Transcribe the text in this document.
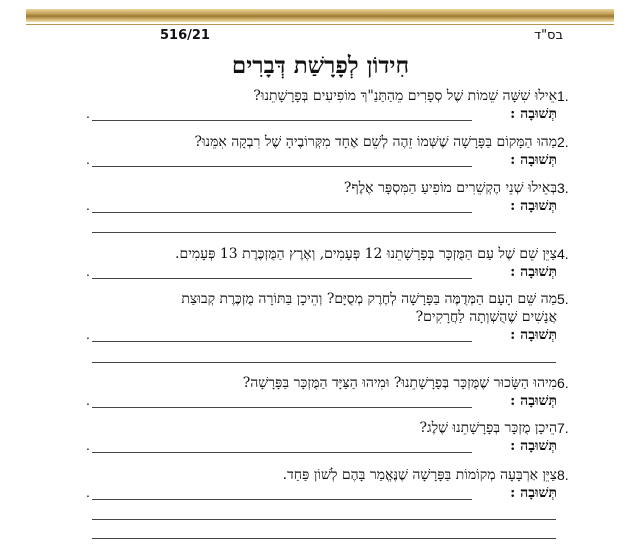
בס"ד
516/21
חִידוֹן לְפָרָשַׁת דְּבָרִים
1.
אֵילוּ שִׁשָּׁה שֵׁמוֹת שֶׁל סְפָרִים מֵהַתַּנַ"ךְ מוֹפִיעִים בְּפָרָשָׁתֵנוּ?
תְּשׁוּבָה :
.
2.
מַהוּ הַמָּקוֹם בַּפָּרָשָׁה שֶׁשְּׁמוֹ זֵהֶה לְשֵׁם אֶחָד מִקְּרוֹבֶיהָ שֶׁל רִבְקָה אִמֵּנוּ?
תְּשׁוּבָה :
.
3.
בְּאֵילוּ שְׁנֵי הֶקְשֵׁרִים מוֹפִיעַ הַמִּסְפָּר אֶלֶף?
תְּשׁוּבָה :
.
4.
צַיֵּן שֵׁם שֶׁל עַם הַמֻּזְכָּר בְּפָרָשָׁתֵנוּ 12 פְּעָמִים, וְאֶרֶץ הַמֻּזְכֶּרֶת 13 פְּעָמִים.
תְּשׁוּבָה :
.
5.
מַה שֵּׁם הָעָם הַמְּדֻמֶּה בַּפָּרָשָׁה לְחֶרֶק מְסֻיָּם? וְהֵיכָן בַּתּוֹרָה מֻזְכֶּרֶת קְבוּצַת
אֲנָשִׁים שֶׁהֻשְׁוְתָה לַחֲרָקִים?
תְּשׁוּבָה :
.
6.
מִיהוּ הַשָּׂכוּר שֶׁמֻּזְכָּר בְּפָרָשָׁתֵנוּ? וּמִיהוּ הַצַּיָּד הַמֻּזְכָּר בַּפָּרָשָׁה?
תְּשׁוּבָה :
.
7.
הֵיכָן מֻזְכָּר בְּפָרָשָׁתֵנוּ שֶׁלֶג?
תְּשׁוּבָה :
.
8.
צַיֵּן אַרְבָּעָה מְקוֹמוֹת בַּפָּרָשָׁה שֶׁנֶּאֱמַר בָּהֶם לְשׁוֹן פַּחַד.
תְּשׁוּבָה :
.
